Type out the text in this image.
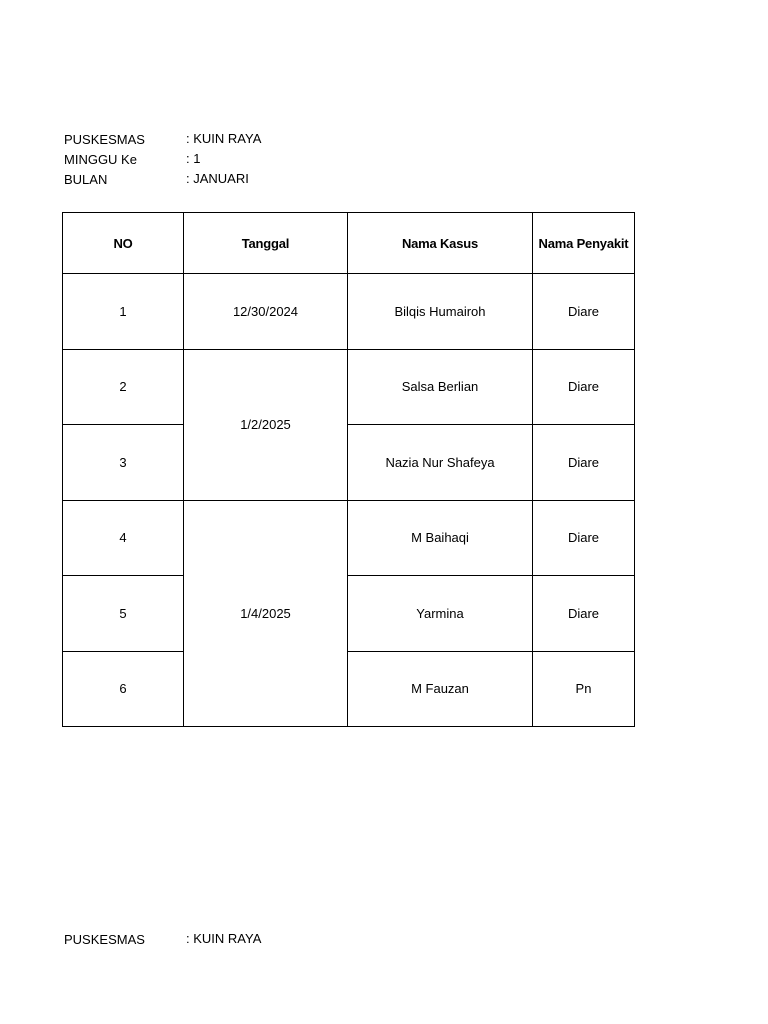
PUSKESMAS	: KUIN RAYA
MINGGU Ke	: 1
BULAN	: JANUARI
NO	Tanggal	Nama Kasus	Nama Penyakit
1	12/30/2024	Bilqis Humairoh	Diare
2	1/2/2025	Salsa Berlian	Diare
3		Nazia Nur Shafeya	Diare
4	1/4/2025	M Baihaqi	Diare
5		Yarmina	Diare
6		M Fauzan	Pn
PUSKESMAS	: KUIN RAYA
